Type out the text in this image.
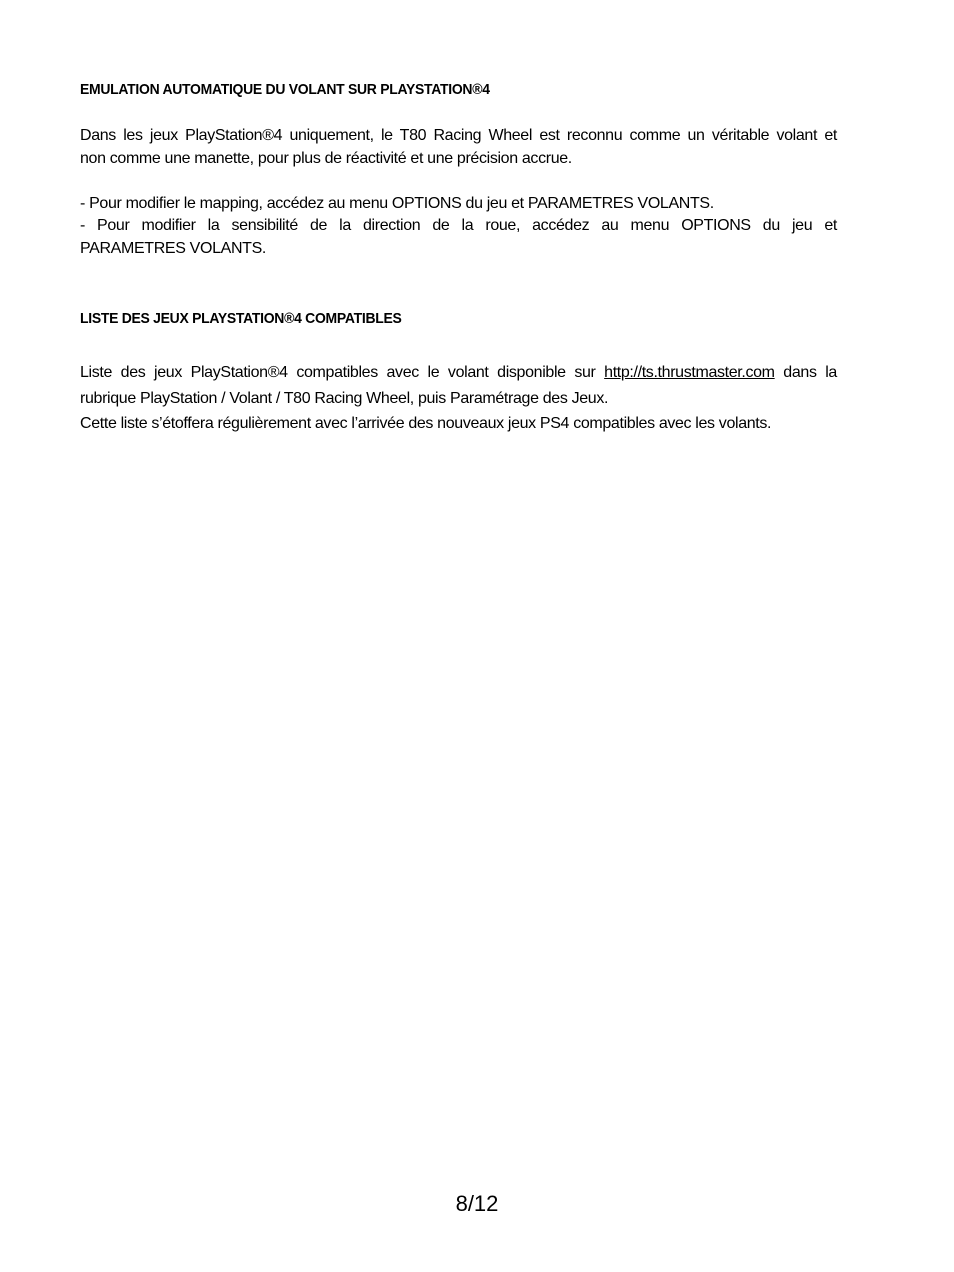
EMULATION AUTOMATIQUE DU VOLANT SUR PLAYSTATION®4

Dans les jeux PlayStation®4 uniquement, le T80 Racing Wheel est reconnu comme un véritable volant et
non comme une manette, pour plus de réactivité et une précision accrue.

- Pour modifier le mapping, accédez au menu OPTIONS du jeu et PARAMETRES VOLANTS.

- Pour modifier la sensibilité de la direction de la roue, accédez au menu OPTIONS du jeu et
PARAMETRES VOLANTS.

LISTE DES JEUX PLAYSTATION®4 COMPATIBLES

Liste des jeux PlayStation®4 compatibles avec le volant disponible sur http://ts.thrustmaster.com dans la
rubrique PlayStation / Volant / T80 Racing Wheel, puis Paramétrage des Jeux.

Cette liste s’étoffera régulièrement avec l’arrivée des nouveaux jeux PS4 compatibles avec les volants.

8/12
